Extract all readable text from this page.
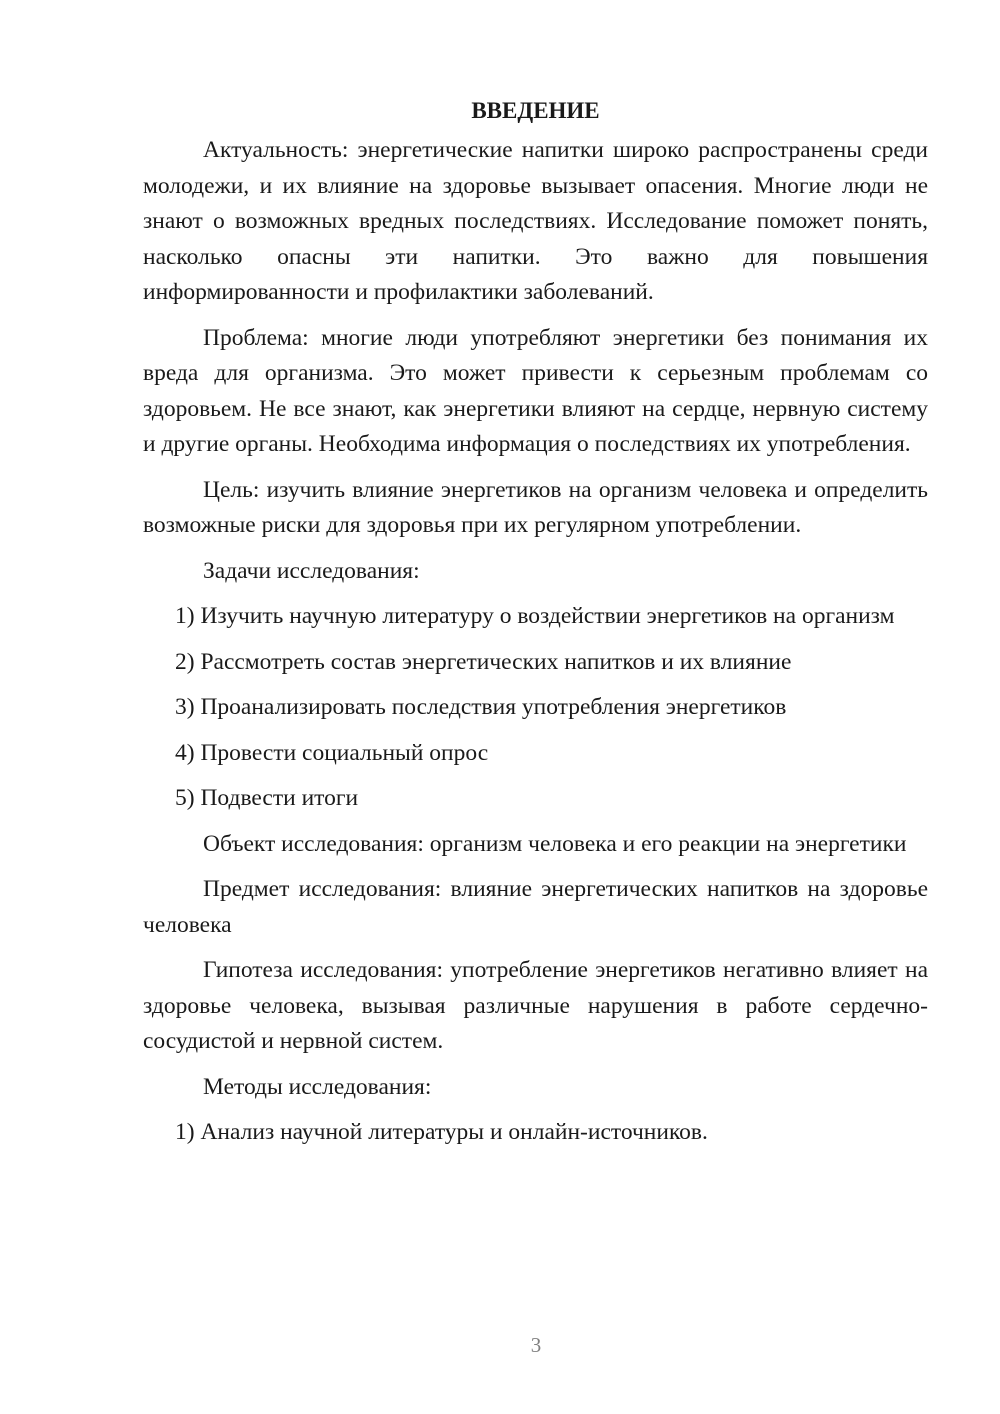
ВВЕДЕНИЕ
Актуальность: энергетические напитки широко распространены среди молодежи, и их влияние на здоровье вызывает опасения. Многие люди не знают о возможных вредных последствиях. Исследование поможет понять, насколько опасны эти напитки. Это важно для повышения информированности и профилактики заболеваний.
Проблема: многие люди употребляют энергетики без понимания их вреда для организма. Это может привести к серьезным проблемам со здоровьем. Не все знают, как энергетики влияют на сердце, нервную систему и другие органы. Необходима информация о последствиях их употребления.
Цель: изучить влияние энергетиков на организм человека и определить возможные риски для здоровья при их регулярном употреблении.
Задачи исследования:
1) Изучить научную литературу о воздействии энергетиков на организм
2) Рассмотреть состав энергетических напитков и их влияние
3) Проанализировать последствия употребления энергетиков
4) Провести социальный опрос
5) Подвести итоги
Объект исследования: организм человека и его реакции на энергетики
Предмет исследования: влияние энергетических напитков на здоровье человека
Гипотеза исследования: употребление энергетиков негативно влияет на здоровье человека, вызывая различные нарушения в работе сердечно-сосудистой и нервной систем.
Методы исследования:
1) Анализ научной литературы и онлайн-источников.
3
